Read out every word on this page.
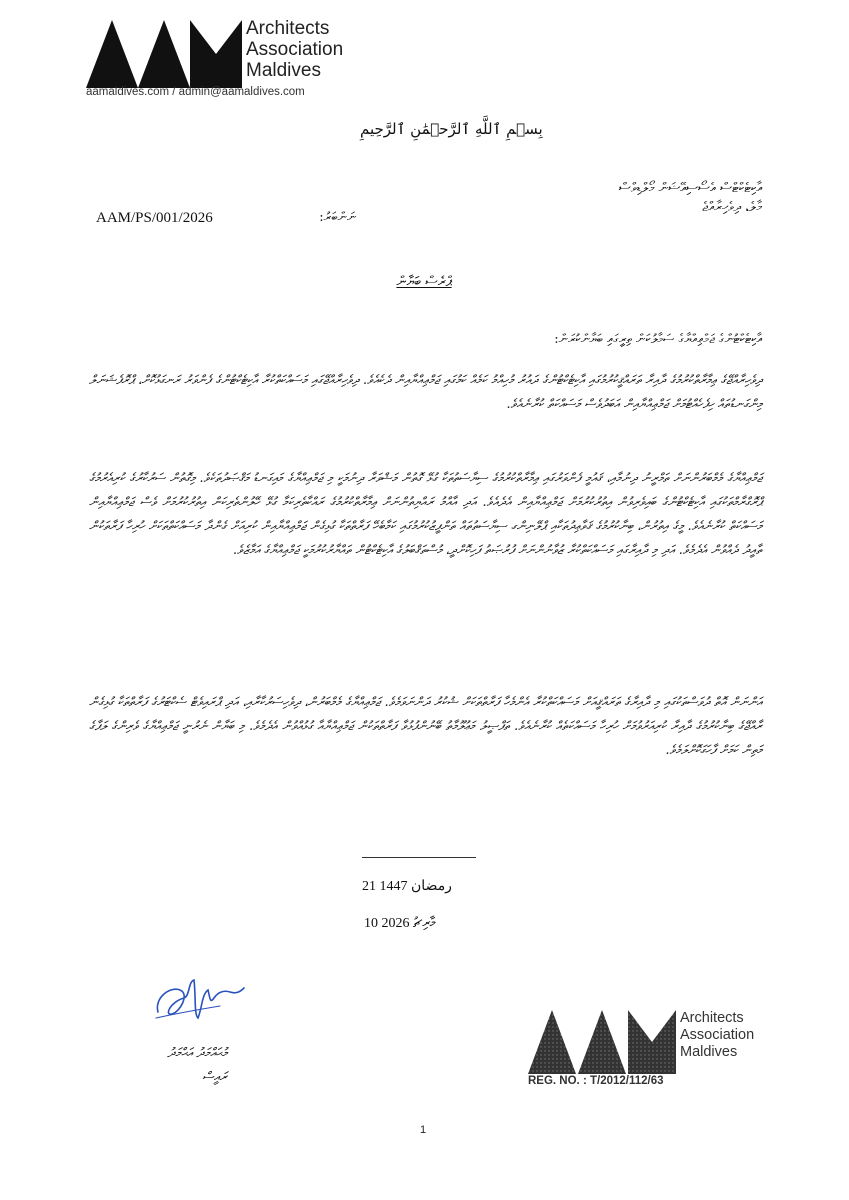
Architects
Association
Maldives
aamaldives.com / admin@aamaldives.com
بِسۡمِ ٱللَّهِ ٱلرَّحۡمَٰنِ ٱلرَّحِيمِ
އާކިޓެކްޓްސް އެސޯސިއޭޝަން މޯލްޑިވްސް
މާލެ، ދިވެހިރާއްޖެ
AAM/PS/001/2026	ނަންބަރު:
ޕްރެސް ބަޔާން
އާކިޓެކްޓުންގެ ޖަމްޢިއްޔާގެ ސަމާލުކަން ތިރީގައި ބަޔާންކުރަން:
ދިވެހިރާއްޖޭގެ ޢިމާރާތްކުރުމުގެ ދާއިރާ ތަރައްޤީކުރުމުގައި އާކިޓެކްޓުންގެ ދައުރު މުހިއްމު ކަމެއް ކަމުގައި ޖަމްޢިއްޔާއިން ދެކެއެވެ. ދިވެހިރާއްޖޭގައި މަސައްކަތްކުރާ އާކިޓެކްޓުންގެ ފެންވަރު ރަނގަޅުކޮށް، ޕްރޮފެޝަނަލް މިންގަނޑުތައް ހިފެހެއްޓުމަށް ޖަމްޢިއްޔާއިން އަބަދުވެސް މަސައްކަތް ކުރާނެއެވެ.
ޖަމްޢިއްޔާގެ މެމްބަރުންނަށް ތަމްރީނު ދިނުމާއި، ޤައުމީ ފެންވަރުގައި ޢިމާރާތްކުރުމުގެ ސިޔާސަތުތަކާ ގުޅޭ ގޮތުން މަޝްވަރާ ދިނުމަކީ މި ޖަމްޢިއްޔާގެ މައިގަނޑު މަޤްޞަދުތަކެވެ. މިގޮތުން ސަރުކާރުގެ ކުރިއެރުމުގެ ޕްރޮގްރާމްތަކުގައި އާކިޓެކްޓުންގެ ބައިވެރިވުން އިތުރުކުރުމަށް ޖަމްޢިއްޔާއިން އެދެއެވެ. އަދި އާއްމު ރައްޔިތުންނަށް ޢިމާރާތްކުރުމުގެ ރައްކާތެރިކަމާ ގުޅޭ ހޭލުންތެރިކަން އިތުރުކުރުމަށް ވެސް ޖަމްޢިއްޔާއިން މަސައްކަތް ކުރާނެއެވެ. މީގެ އިތުރުން، ބިނާކުރުމުގެ ޤަވާޢިދުތަކާއި ޕްލޭނިންގ ސިޔާސަތުތައް ތަންފީޒުކުރުމުގައި ކަމާބެހޭ ފަރާތްތަކާ ގުޅިގެން ޖަމްޢިއްޔާއިން ކުރިއަށް ގެންދާ މަސައްކަތްތަކަށް ހުރިހާ ފަރާތަކުން ތާއީދު ދެއްވުން އެދެމެވެ. އަދި މި ދާއިރާގައި މަސައްކަތްކުރާ ޒުވާނުންނަށް ފުރުޞަތު ފަހިކޮށްދީ، މުސްތަޤްބަލުގެ އާކިޓެކްޓުން ތައްޔާރުކުރުމަކީ ޖަމްޢިއްޔާގެ އަމާޒެވެ.
އަންނަން އޮތް ދުވަސްތަކުގައި މި ދާއިރާގެ ތަރައްޤީއަށް މަސައްކަތްކުރާ އެންމެހާ ފަރާތްތަކަށް ޝުކުރު ދަންނަވަމެވެ. ޖަމްޢިއްޔާގެ މެމްބަރުން، ދިވެހިސަރުކާރާއި، އަދި ޕްރައިވެޓް ސެކްޓަރުގެ ފަރާތްތަކާ ގުޅިގެން ރާއްޖޭގެ ބިނާކުރުމުގެ ދާއިރާ ކުރިއަރުވުމަށް ހުރިހާ މަސައްކަތެއް ކުރާނެއެވެ. ތަފްޞީލު މަޢުލޫމާތު ބޭނުންފުޅުވާ ފަރާތްތަކުން ޖަމްޢިއްޔާއާ ގުޅުއްވުން އެދެމެވެ. މި ބަޔާން ނެރުނީ ޖަމްޢިއްޔާގެ ވެރިންގެ ލަފާގެ މަތިން ކަމަށް ފާހަގަކޮށްލަމެވެ.
21 رمضان 1447
10 މާރިޗު 2026
މުޙައްމަދު އަޙްމަދު
ރައީސް
Architects
Association
Maldives
REG. NO. : T/2012/112/63
1
